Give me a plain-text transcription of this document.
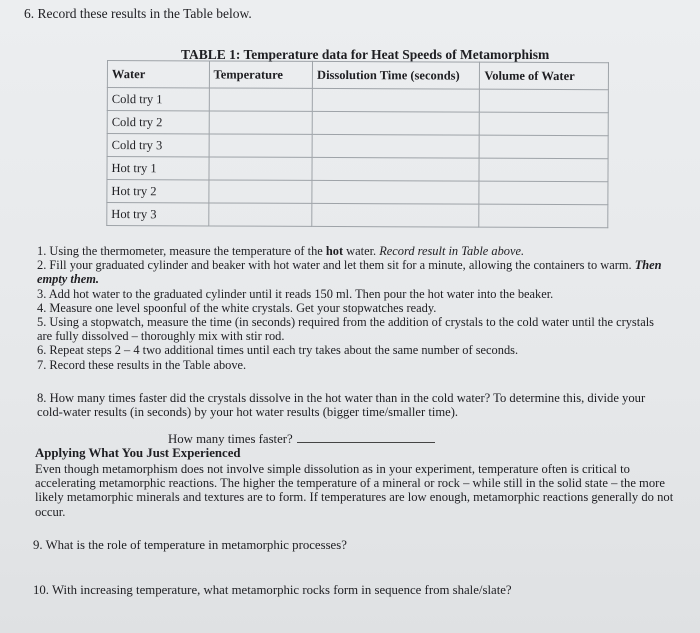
6. Record these results in the Table below.
TABLE 1: Temperature data for Heat Speeds of Metamorphism
Water	Temperature	Dissolution Time (seconds)	Volume of Water
Cold try 1			
Cold try 2			
Cold try 3			
Hot try 1			
Hot try 2			
Hot try 3			

1. Using the thermometer, measure the temperature of the hot water. Record result in Table above.

2. Fill your graduated cylinder and beaker with hot water and let them sit for a minute, allowing the containers to warm. Then empty them.

3. Add hot water to the graduated cylinder until it reads 150 ml. Then pour the hot water into the beaker.

4. Measure one level spoonful of the white crystals. Get your stopwatches ready.

5. Using a stopwatch, measure the time (in seconds) required from the addition of crystals to the cold water until the crystals are fully dissolved – thoroughly mix with stir rod.

6. Repeat steps 2 – 4 two additional times until each try takes about the same number of seconds.

7. Record these results in the Table above.

8. How many times faster did the crystals dissolve in the hot water than in the cold water? To determine this, divide your cold-water results (in seconds) by your hot water results (bigger time/smaller time).

How many times faster?
Applying What You Just Experienced

Even though metamorphism does not involve simple dissolution as in your experiment, temperature often is critical to accelerating metamorphic reactions. The higher the temperature of a mineral or rock – while still in the solid state – the more likely metamorphic minerals and textures are to form. If temperatures are low enough, metamorphic reactions generally do not occur.

9. What is the role of temperature in metamorphic processes?
10. With increasing temperature, what metamorphic rocks form in sequence from shale/slate?
